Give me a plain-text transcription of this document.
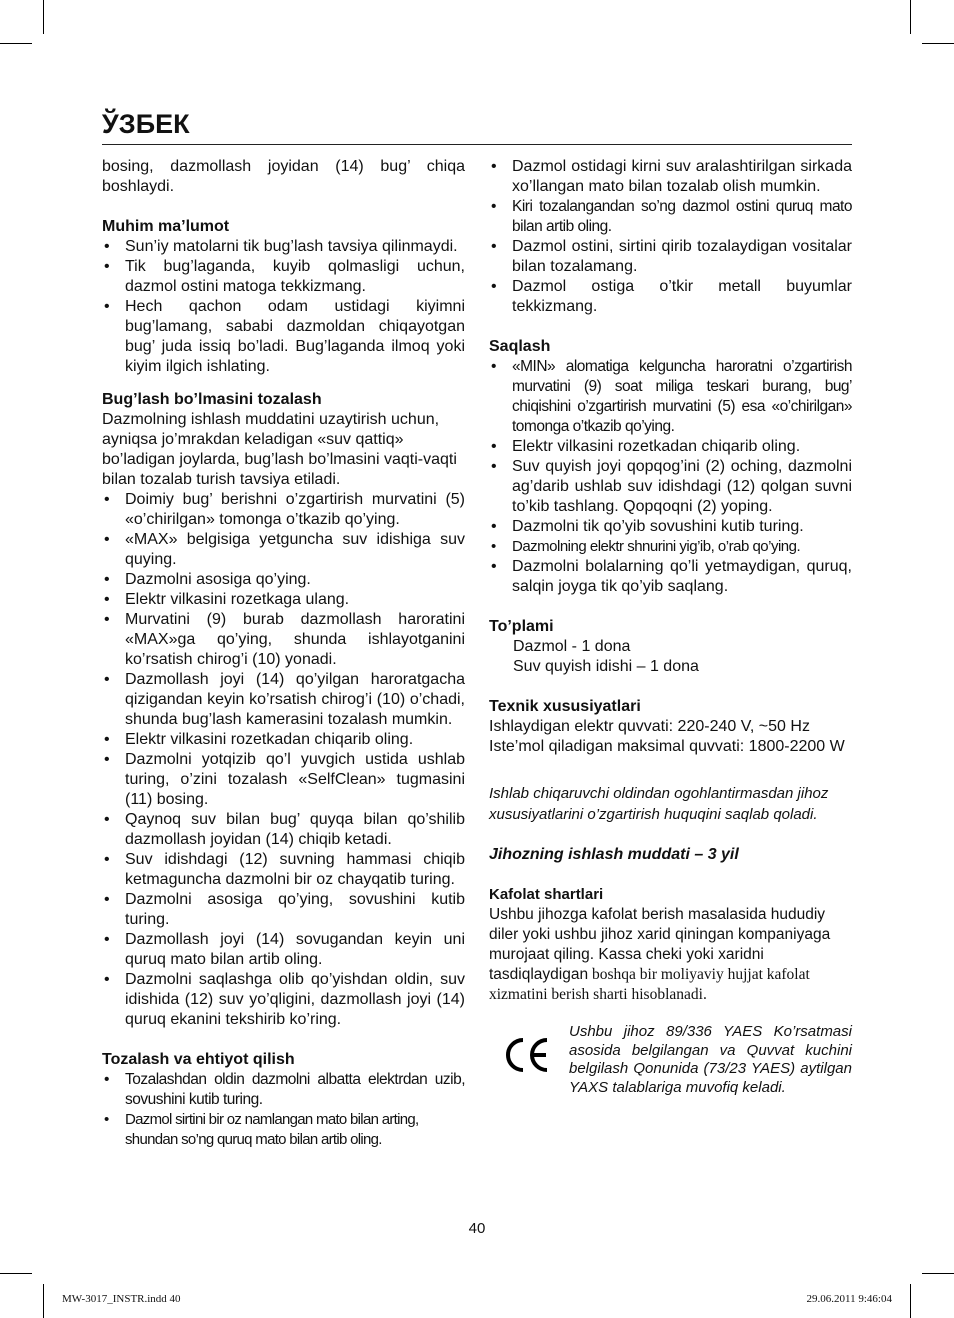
ЎЗБЕК

bosing, dazmollash joyidan (14) bug’ chiqa boshlaydi.

Muhim ma’lumot

• Sun’iy matolarni tik bug’lash tavsiya qilinmaydi.
• Tik bug’laganda, kuyib qolmasligi uchun, dazmol ostini matoga tekkizmang.
• Hech qachon odam ustidagi kiyimni bug’lamang, sababi dazmoldan chiqayotgan bug’ juda issiq bo’ladi. Bug’laganda ilmoq yoki kiyim ilgich ishlating.

Bug’lash bo’lmasini tozalash

Dazmolning ishlash muddatini uzaytirish uchun, ayniqsa jo’mrakdan keladigan «suv qattiq» bo’ladigan joylarda, bug’lash bo’lmasini vaqti-vaqti bilan tozalab turish tavsiya etiladi.

• Doimiy bug’ berishni o’zgartirish murvatini (5) «o’chirilgan» tomonga o’tkazib qo’ying.
• «MAX» belgisiga yetguncha suv idishiga suv quying.
• Dazmolni asosiga qo’ying.
• Elektr vilkasini rozetkaga ulang.
• Murvatini (9) burab dazmollash haroratini «MAX»ga qo’ying, shunda ishlayotganini ko’rsatish chirog’i (10) yonadi.
• Dazmollash joyi (14) qo’yilgan haroratgacha qizigandan keyin ko’rsatish chirog’i (10) o’chadi, shunda bug’lash kamerasini tozalash mumkin.
• Elektr vilkasini rozetkadan chiqarib oling.
• Dazmolni yotqizib qo’l yuvgich ustida ushlab turing, o’zini tozalash «SelfClean» tugmasini (11) bosing.
• Qaynoq suv bilan bug’ quyqa bilan qo’shilib dazmollash joyidan (14) chiqib ketadi.
• Suv idishdagi (12) suvning hammasi chiqib ketmaguncha dazmolni bir oz chayqatib turing.
• Dazmolni asosiga qo’ying, sovushini kutib turing.
• Dazmollash joyi (14) sovugandan keyin uni quruq mato bilan artib oling.
• Dazmolni saqlashga olib qo’yishdan oldin, suv idishida (12) suv yo’qligini, dazmollash joyi (14) quruq ekanini tekshirib ko’ring.

Tozalash va ehtiyot qilish

• Tozalashdan oldin dazmolni albatta elektrdan uzib, sovushini kutib turing.
• Dazmol sirtini bir oz namlangan mato bilan arting, shundan so’ng quruq mato bilan artib oling.
• Dazmol ostidagi kirni suv aralashtirilgan sirkada xo’llangan mato bilan tozalab olish mumkin.
• Kiri tozalangandan so’ng dazmol ostini quruq mato bilan artib oling.
• Dazmol ostini, sirtini qirib tozalaydigan vositalar bilan tozalamang.
• Dazmol ostiga o’tkir metall buyumlar tekkizmang.

Saqlash

• «MIN» alomatiga kelguncha haroratni o’zgartirish murvatini (9) soat miliga teskari burang, bug’ chiqishini o’zgartirish murvatini (5) esa «o’chirilgan» tomonga o’tkazib qo’ying.
• Elektr vilkasini rozetkadan chiqarib oling.
• Suv quyish joyi qopqog’ini (2) oching, dazmolni ag’darib ushlab suv idishdagi (12) qolgan suvni to’kib tashlang. Qopqoqni (2) yoping.
• Dazmolni tik qo’yib sovushini kutib turing.
• Dazmolning elektr shnurini yig’ib, o’rab qo’ying.
• Dazmolni bolalarning qo’li yetmaydigan, quruq, salqin joyga tik qo’yib saqlang.

To’plami

Dazmol - 1 dona

Suv quyish idishi – 1 dona

Texnik xususiyatlari

Ishlaydigan elektr quvvati: 220-240 V, ~50 Hz

Iste’mol qiladigan maksimal quvvati: 1800-2200 W

Ishlab chiqaruvchi oldindan ogohlantirmasdan jihoz xususiyatlarini o’zgartirish huquqini saqlab qoladi.

Jihozning ishlash muddati – 3 yil

Kafolat shartlari

Ushbu jihozga kafolat berish masalasida hududiy diler yoki ushbu jihoz xarid qiningan kompaniyaga murojaat qiling. Kassa cheki yoki xaridni tasdiqlaydigan boshqa bir moliyaviy hujjat kafolat xizmatini berish sharti hisoblanadi.

Ushbu jihoz 89/336 YAES Ko’rsatmasi asosida belgilangan va Quvvat kuchini belgilash Qonunida (73/23 YAES) aytilgan YAXS talablariga muvofiq keladi.

40
MW-3017_INSTR.indd 40	29.06.2011 9:46:04
